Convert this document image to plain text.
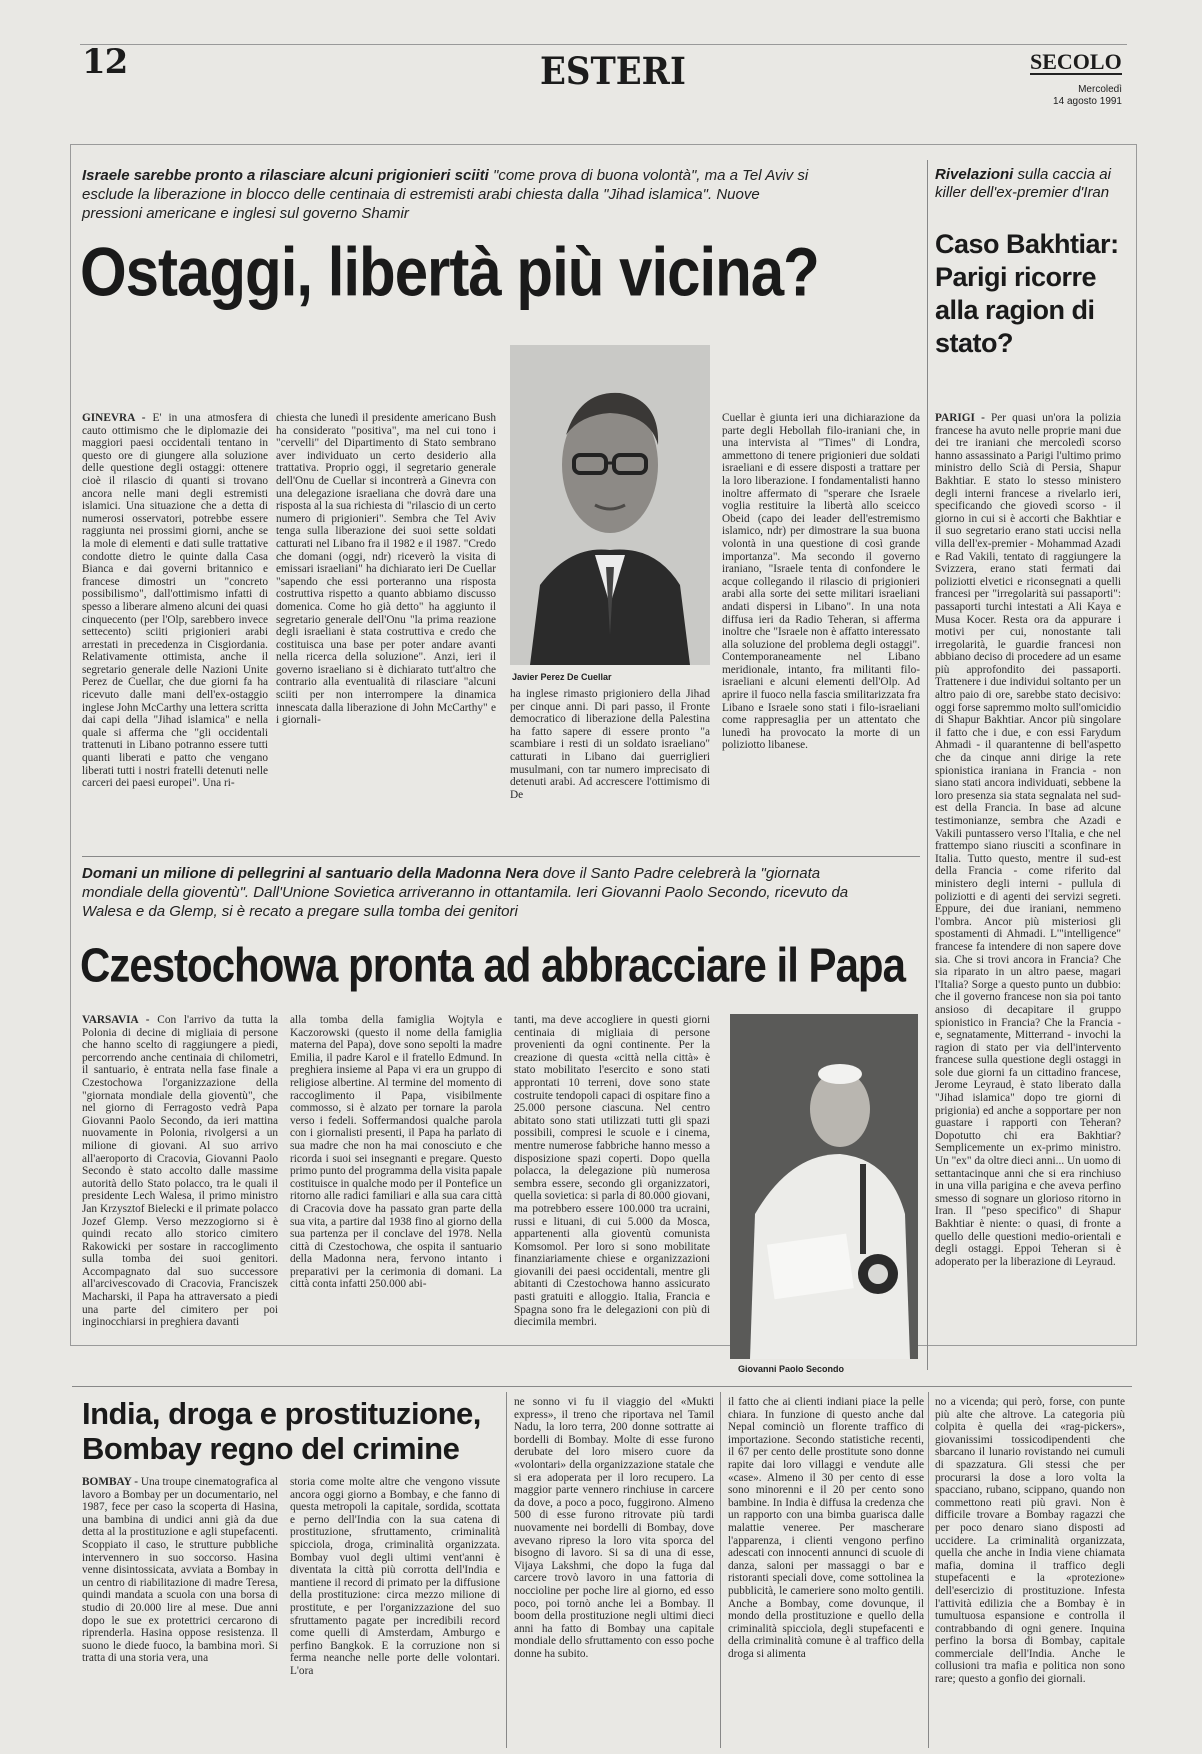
12	ESTERI	SECOLO
Mercoledì
14 agosto 1991
Israele sarebbe pronto a rilasciare alcuni prigionieri sciiti "come prova di buona volontà", ma a Tel Aviv si esclude la liberazione in blocco delle centinaia di estremisti arabi chiesta dalla "Jihad islamica". Nuove pressioni americane e inglesi sul governo Shamir
Ostaggi, libertà più vicina?
GINEVRA - E' in una atmosfera di cauto ottimismo che le diplomazie dei maggiori paesi occidentali tentano in questo ore di giungere alla soluzione delle questione degli ostaggi: ottenere cioè il rilascio di quanti si trovano ancora nelle mani degli estremisti islamici. Una situazione che a detta di numerosi osservatori, potrebbe essere raggiunta nei prossimi giorni, anche se la mole di elementi e dati sulle trattative condotte dietro le quinte dalla Casa Bianca e dai governi britannico e francese dimostri un "concreto possibilismo", dall'ottimismo infatti di spesso a liberare almeno alcuni dei quasi cinquecento (per l'Olp, sarebbero invece settecento) sciiti prigionieri arabi arrestati in precedenza in Cisgiordania. Relativamente ottimista, anche il segretario generale delle Nazioni Unite Perez de Cuellar, che due giorni fa ha ricevuto dalle mani dell'ex-ostaggio inglese John McCarthy una lettera scritta dai capi della "Jihad islamica" e nella quale si afferma che "gli occidentali trattenuti in Libano potranno essere tutti quanti liberati e patto che vengano liberati tutti i nostri fratelli detenuti nelle carceri dei paesi europei". Una ri-
chiesta che lunedì il presidente americano Bush ha considerato "positiva", ma nel cui tono i "cervelli" del Dipartimento di Stato sembrano aver individuato un certo desiderio alla trattativa. Proprio oggi, il segretario generale dell'Onu de Cuellar si incontrerà a Ginevra con una delegazione israeliana che dovrà dare una risposta al la sua richiesta di "rilascio di un certo numero di prigionieri". Sembra che Tel Aviv tenga sulla liberazione dei suoi sette soldati catturati nel Libano fra il 1982 e il 1987. "Credo che domani (oggi, ndr) riceverò la visita di emissari israeliani" ha dichiarato ieri De Cuellar "sapendo che essi porteranno una risposta costruttiva rispetto a quanto abbiamo discusso domenica. Come ho già detto" ha aggiunto il segretario generale dell'Onu "la prima reazione degli israeliani è stata costruttiva e credo che costituisca una base per poter andare avanti nella ricerca della soluzione". Anzi, ieri il governo israeliano si è dichiarato tutt'altro che contrario alla eventualità di rilasciare "alcuni sciiti per non interrompere la dinamica innescata dalla liberazione di John McCarthy" e i giornali-
Javier Perez De Cuellar
ha inglese rimasto prigioniero della Jihad per cinque anni. Di pari passo, il Fronte democratico di liberazione della Palestina ha fatto sapere di essere pronto "a scambiare i resti di un soldato israeliano" catturati in Libano dai guerriglieri musulmani, con tar numero imprecisato di detenuti arabi. Ad accrescere l'ottimismo di De
Cuellar è giunta ieri una dichiarazione da parte degli Hebollah filo-iraniani che, in una intervista al "Times" di Londra, ammettono di tenere prigionieri due soldati israeliani e di essere disposti a trattare per la loro liberazione. I fondamentalisti hanno inoltre affermato di "sperare che Israele voglia restituire la libertà allo sceicco Obeid (capo dei leader dell'estremismo islamico, ndr) per dimostrare la sua buona volontà in una questione di così grande importanza". Ma secondo il governo iraniano, "Israele tenta di confondere le acque collegando il rilascio di prigionieri arabi alla sorte dei sette militari israeliani andati dispersi in Libano". In una nota diffusa ieri da Radio Teheran, si afferma inoltre che "Israele non è affatto interessato alla soluzione del problema degli ostaggi". Contemporaneamente nel Libano meridionale, intanto, fra militanti filo-israeliani e alcuni elementi dell'Olp. Ad aprire il fuoco nella fascia smilitarizzata fra Libano e Israele sono stati i filo-israeliani come rappresaglia per un attentato che lunedì ha provocato la morte di un poliziotto libanese.
Rivelazioni sulla caccia ai killer dell'ex-premier d'Iran
Caso Bakhtiar: Parigi ricorre alla ragion di stato?
PARIGI - Per quasi un'ora la polizia francese ha avuto nelle proprie mani due dei tre iraniani che mercoledì scorso hanno assassinato a Parigi l'ultimo primo ministro dello Scià di Persia, Shapur Bakhtiar. E stato lo stesso ministero degli interni francese a rivelarlo ieri, specificando che giovedì scorso - il giorno in cui si è accorti che Bakhtiar e il suo segretario erano stati uccisi nella villa dell'ex-premier - Mohammad Azadi e Rad Vakili, tentato di raggiungere la Svizzera, erano stati fermati dai poliziotti elvetici e riconsegnati a quelli francesi per "irregolarità sui passaporti": passaporti turchi intestati a Ali Kaya e Musa Kocer. Resta ora da appurare i motivi per cui, nonostante tali irregolarità, le guardie francesi non abbiano deciso di procedere ad un esame più approfondito dei passaporti. Trattenere i due individui soltanto per un altro paio di ore, sarebbe stato decisivo: oggi forse sapremmo molto sull'omicidio di Shapur Bakhtiar. Ancor più singolare il fatto che i due, e con essi Farydum Ahmadi - il quarantenne di bell'aspetto che da cinque anni dirige la rete spionistica iraniana in Francia - non siano stati ancora individuati, sebbene la loro presenza sia stata segnalata nel sud-est della Francia. In base ad alcune testimonianze, sembra che Azadi e Vakili puntassero verso l'Italia, e che nel frattempo siano riusciti a sconfinare in Italia. Tutto questo, mentre il sud-est della Francia - come riferito dal ministero degli interni - pullula di poliziotti e di agenti dei servizi segreti. Eppure, dei due iraniani, nemmeno l'ombra. Ancor più misteriosi gli spostamenti di Ahmadi. L'"intelligence" francese fa intendere di non sapere dove sia. Che si trovi ancora in Francia? Che sia riparato in un altro paese, magari l'Italia? Sorge a questo punto un dubbio: che il governo francese non sia poi tanto ansioso di decapitare il gruppo spionistico in Francia? Che la Francia - e, segnatamente, Mitterrand - invochi la ragion di stato per via dell'intervento francese sulla questione degli ostaggi in sole due giorni fa un cittadino francese, Jerome Leyraud, è stato liberato dalla "Jihad islamica" dopo tre giorni di prigionia) ed anche a sopportare per non guastare i rapporti con Teheran? Dopotutto chi era Bakhtiar? Semplicemente un ex-primo ministro. Un "ex" da oltre dieci anni... Un uomo di settantacinque anni che si era rinchiuso in una villa parigina e che aveva perfino smesso di sognare un glorioso ritorno in Iran. Il "peso specifico" di Shapur Bakhtiar è niente: o quasi, di fronte a quello delle questioni medio-orientali e degli ostaggi. Eppoi Teheran si è adoperato per la liberazione di Leyraud.
Domani un milione di pellegrini al santuario della Madonna Nera dove il Santo Padre celebrerà la "giornata mondiale della gioventù". Dall'Unione Sovietica arriveranno in ottantamila. Ieri Giovanni Paolo Secondo, ricevuto da Walesa e da Glemp, si è recato a pregare sulla tomba dei genitori
Czestochowa pronta ad abbracciare il Papa
VARSAVIA - Con l'arrivo da tutta la Polonia di decine di migliaia di persone che hanno scelto di raggiungere a piedi, percorrendo anche centinaia di chilometri, il santuario, è entrata nella fase finale a Czestochowa l'organizzazione della "giornata mondiale della gioventù", che nel giorno di Ferragosto vedrà Papa Giovanni Paolo Secondo, da ieri mattina nuovamente in Polonia, rivolgersi a un milione di giovani. Al suo arrivo all'aeroporto di Cracovia, Giovanni Paolo Secondo è stato accolto dalle massime autorità dello Stato polacco, tra le quali il presidente Lech Walesa, il primo ministro Jan Krzysztof Bielecki e il primate polacco Jozef Glemp. Verso mezzogiorno si è quindi recato allo storico cimitero Rakowicki per sostare in raccoglimento sulla tomba dei suoi genitori. Accompagnato dal suo successore all'arcivescovado di Cracovia, Franciszek Macharski, il Papa ha attraversato a piedi una parte del cimitero per poi inginocchiarsi in preghiera davanti
alla tomba della famiglia Wojtyla e Kaczorowski (questo il nome della famiglia materna del Papa), dove sono sepolti la madre Emilia, il padre Karol e il fratello Edmund. In preghiera insieme al Papa vi era un gruppo di religiose albertine. Al termine del momento di raccoglimento il Papa, visibilmente commosso, si è alzato per tornare la parola verso i fedeli. Soffermandosi qualche parola con i giornalisti presenti, il Papa ha parlato di sua madre che non ha mai conosciuto e che ricorda i suoi sei insegnanti e pregare. Questo primo punto del programma della visita papale costituisce in qualche modo per il Pontefice un ritorno alle radici familiari e alla sua cara città di Cracovia dove ha passato gran parte della sua vita, a partire dal 1938 fino al giorno della sua partenza per il conclave del 1978. Nella città di Czestochowa, che ospita il santuario della Madonna nera, fervono intanto i preparativi per la cerimonia di domani. La città conta infatti 250.000 abi-
tanti, ma deve accogliere in questi giorni centinaia di migliaia di persone provenienti da ogni continente. Per la creazione di questa «città nella città» è stato mobilitato l'esercito e sono stati approntati 10 terreni, dove sono state costruite tendopoli capaci di ospitare fino a 25.000 persone ciascuna. Nel centro abitato sono stati utilizzati tutti gli spazi possibili, compresi le scuole e i cinema, mentre numerose fabbriche hanno messo a disposizione spazi coperti. Dopo quella polacca, la delegazione più numerosa sembra essere, secondo gli organizzatori, quella sovietica: si parla di 80.000 giovani, ma potrebbero essere 100.000 tra ucraini, russi e lituani, di cui 5.000 da Mosca, appartenenti alla gioventù comunista Komsomol. Per loro si sono mobilitate finanziariamente chiese e organizzazioni giovanili dei paesi occidentali, mentre gli abitanti di Czestochowa hanno assicurato pasti gratuiti e alloggio. Italia, Francia e Spagna sono fra le delegazioni con più di diecimila membri.
Giovanni Paolo Secondo
India, droga e prostituzione, Bombay regno del crimine
BOMBAY - Una troupe cinematografica al lavoro a Bombay per un documentario, nel 1987, fece per caso la scoperta di Hasina, una bambina di undici anni già da due detta al la prostituzione e agli stupefacenti. Scoppiato il caso, le strutture pubbliche intervennero in suo soccorso. Hasina venne disintossicata, avviata a Bombay in un centro di riabilitazione di madre Teresa, quindi mandata a scuola con una borsa di studio di 20.000 lire al mese. Due anni dopo le sue ex protettrici cercarono di riprenderla. Hasina oppose resistenza. Il suono le diede fuoco, la bambina morì. Si tratta di una storia vera, una
storia come molte altre che vengono vissute ancora oggi giorno a Bombay, e che fanno di questa metropoli la capitale, sordida, scottata e perno dell'India con la sua catena di prostituzione, sfruttamento, criminalità spicciola, droga, criminalità organizzata. Bombay vuol degli ultimi vent'anni è diventata la città più corrotta dell'India e mantiene il record di primato per la diffusione della prostituzione: circa mezzo milione di prostitute, e per l'organizzazione del suo sfruttamento pagate per incredibili record come quelli di Amsterdam, Amburgo e perfino Bangkok. E la corruzione non si ferma neanche nelle porte delle volontari. L'ora
ne sonno vi fu il viaggio del «Mukti express», il treno che riportava nel Tamil Nadu, la loro terra, 200 donne sottratte ai bordelli di Bombay. Molte di esse furono derubate del loro misero cuore da «volontari» della organizzazione statale che si era adoperata per il loro recupero. La maggior parte vennero rinchiuse in carcere da dove, a poco a poco, fuggirono. Almeno 500 di esse furono ritrovate più tardi nuovamente nei bordelli di Bombay, dove avevano ripreso la loro vita sporca del bisogno di lavoro. Si sa di una di esse, Vijaya Lakshmi, che dopo la fuga dal carcere trovò lavoro in una fattoria di noccioline per poche lire al giorno, ed esso poco, poi tornò anche lei a Bombay. Il boom della prostituzione negli ultimi dieci anni ha fatto di Bombay una capitale mondiale dello sfruttamento con esso poche donne ha subito.
il fatto che ai clienti indiani piace la pelle chiara. In funzione di questo anche dal Nepal cominciò un florente traffico di importazione. Secondo statistiche recenti, il 67 per cento delle prostitute sono donne rapite dai loro villaggi e vendute alle «case». Almeno il 30 per cento di esse sono minorenni e il 20 per cento sono bambine. In India è diffusa la credenza che un rapporto con una bimba guarisca dalle malattie veneree. Per mascherare l'apparenza, i clienti vengono perfino adescati con innocenti annunci di scuole di danza, saloni per massaggi o bar e ristoranti speciali dove, come sottolinea la pubblicità, le cameriere sono molto gentili. Anche a Bombay, come dovunque, il mondo della prostituzione e quello della criminalità spicciola, degli stupefacenti e della criminalità comune è al traffico della droga si alimenta
no a vicenda; qui però, forse, con punte più alte che altrove. La categoria più colpita è quella dei «rag-pickers», giovanissimi tossicodipendenti che sbarcano il lunario rovistando nei cumuli di spazzatura. Gli stessi che per procurarsi la dose a loro volta la spacciano, rubano, scippano, quando non commettono reati più gravi. Non è difficile trovare a Bombay ragazzi che per poco denaro siano disposti ad uccidere. La criminalità organizzata, quella che anche in India viene chiamata mafia, domina il traffico degli stupefacenti e la «protezione» dell'esercizio di prostituzione. Infesta l'attività edilizia che a Bombay è in tumultuosa espansione e controlla il contrabbando di ogni genere. Inquina perfino la borsa di Bombay, capitale commerciale dell'India. Anche le collusioni tra mafia e politica non sono rare; questo a gonfio dei giornali.
